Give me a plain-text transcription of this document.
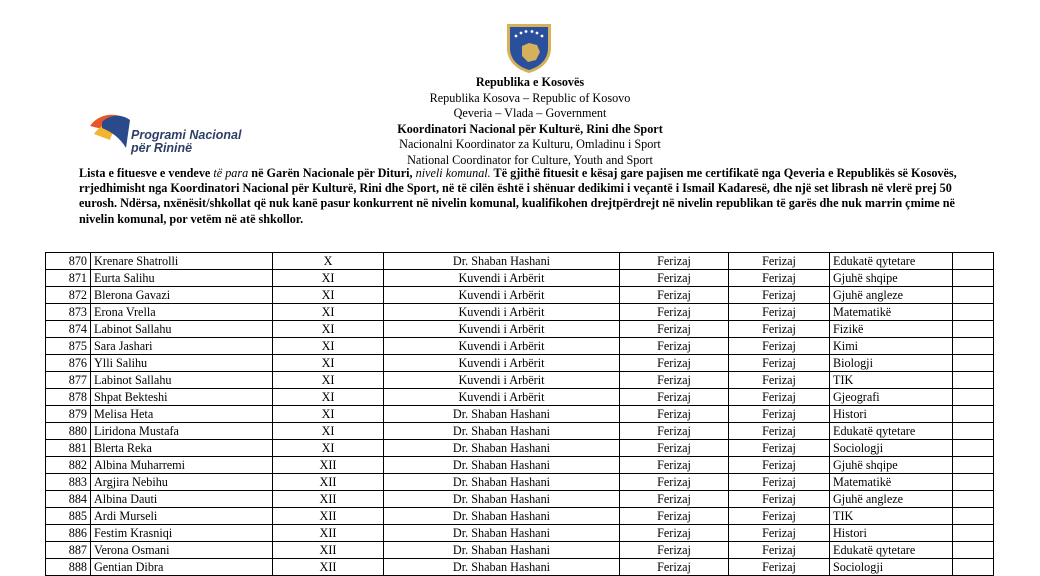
Republika e Kosovës
Republika Kosova – Republic of Kosovo
Qeveria – Vlada – Government
Koordinatori Nacional për Kulturë, Rini dhe Sport
Nacionalni Koordinator za Kulturu, Omladinu i Sport
National Coordinator for Culture, Youth and Sport
Programi Nacional
për Rininë
Lista e fituesve e vendeve të para në Garën Nacionale për Dituri, niveli komunal. Të gjithë fituesit e kësaj gare pajisen me certifikatë nga Qeveria e Republikës së Kosovës, rrjedhimisht nga Koordinatori Nacional për Kulturë, Rini dhe Sport, në të cilën është i shënuar dedikimi i veçantë i Ismail Kadaresë, dhe një set librash në vlerë prej 50 eurosh. Ndërsa, nxënësit/shkollat që nuk kanë pasur konkurrent në nivelin komunal, kualifikohen drejtpërdrejt në nivelin republikan të garës dhe nuk marrin çmime në nivelin komunal, por vetëm në atë shkollor.
870	Krenare Shatrolli	X	Dr. Shaban Hashani	Ferizaj	Ferizaj	Edukatë qytetare	
871	Eurta Salihu	XI	Kuvendi i Arbërit	Ferizaj	Ferizaj	Gjuhë shqipe	
872	Blerona Gavazi	XI	Kuvendi i Arbërit	Ferizaj	Ferizaj	Gjuhë angleze	
873	Erona Vrella	XI	Kuvendi i Arbërit	Ferizaj	Ferizaj	Matematikë	
874	Labinot Sallahu	XI	Kuvendi i Arbërit	Ferizaj	Ferizaj	Fizikë	
875	Sara Jashari	XI	Kuvendi i Arbërit	Ferizaj	Ferizaj	Kimi	
876	Ylli Salihu	XI	Kuvendi i Arbërit	Ferizaj	Ferizaj	Biologji	
877	Labinot Sallahu	XI	Kuvendi i Arbërit	Ferizaj	Ferizaj	TIK	
878	Shpat Bekteshi	XI	Kuvendi i Arbërit	Ferizaj	Ferizaj	Gjeografi	
879	Melisa Heta	XI	Dr. Shaban Hashani	Ferizaj	Ferizaj	Histori	
880	Liridona Mustafa	XI	Dr. Shaban Hashani	Ferizaj	Ferizaj	Edukatë qytetare	
881	Blerta Reka	XI	Dr. Shaban Hashani	Ferizaj	Ferizaj	Sociologji	
882	Albina Muharremi	XII	Dr. Shaban Hashani	Ferizaj	Ferizaj	Gjuhë shqipe	
883	Argjira Nebihu	XII	Dr. Shaban Hashani	Ferizaj	Ferizaj	Matematikë	
884	Albina Dauti	XII	Dr. Shaban Hashani	Ferizaj	Ferizaj	Gjuhë angleze	
885	Ardi Murseli	XII	Dr. Shaban Hashani	Ferizaj	Ferizaj	TIK	
886	Festim Krasniqi	XII	Dr. Shaban Hashani	Ferizaj	Ferizaj	Histori	
887	Verona Osmani	XII	Dr. Shaban Hashani	Ferizaj	Ferizaj	Edukatë qytetare	
888	Gentian Dibra	XII	Dr. Shaban Hashani	Ferizaj	Ferizaj	Sociologji	
